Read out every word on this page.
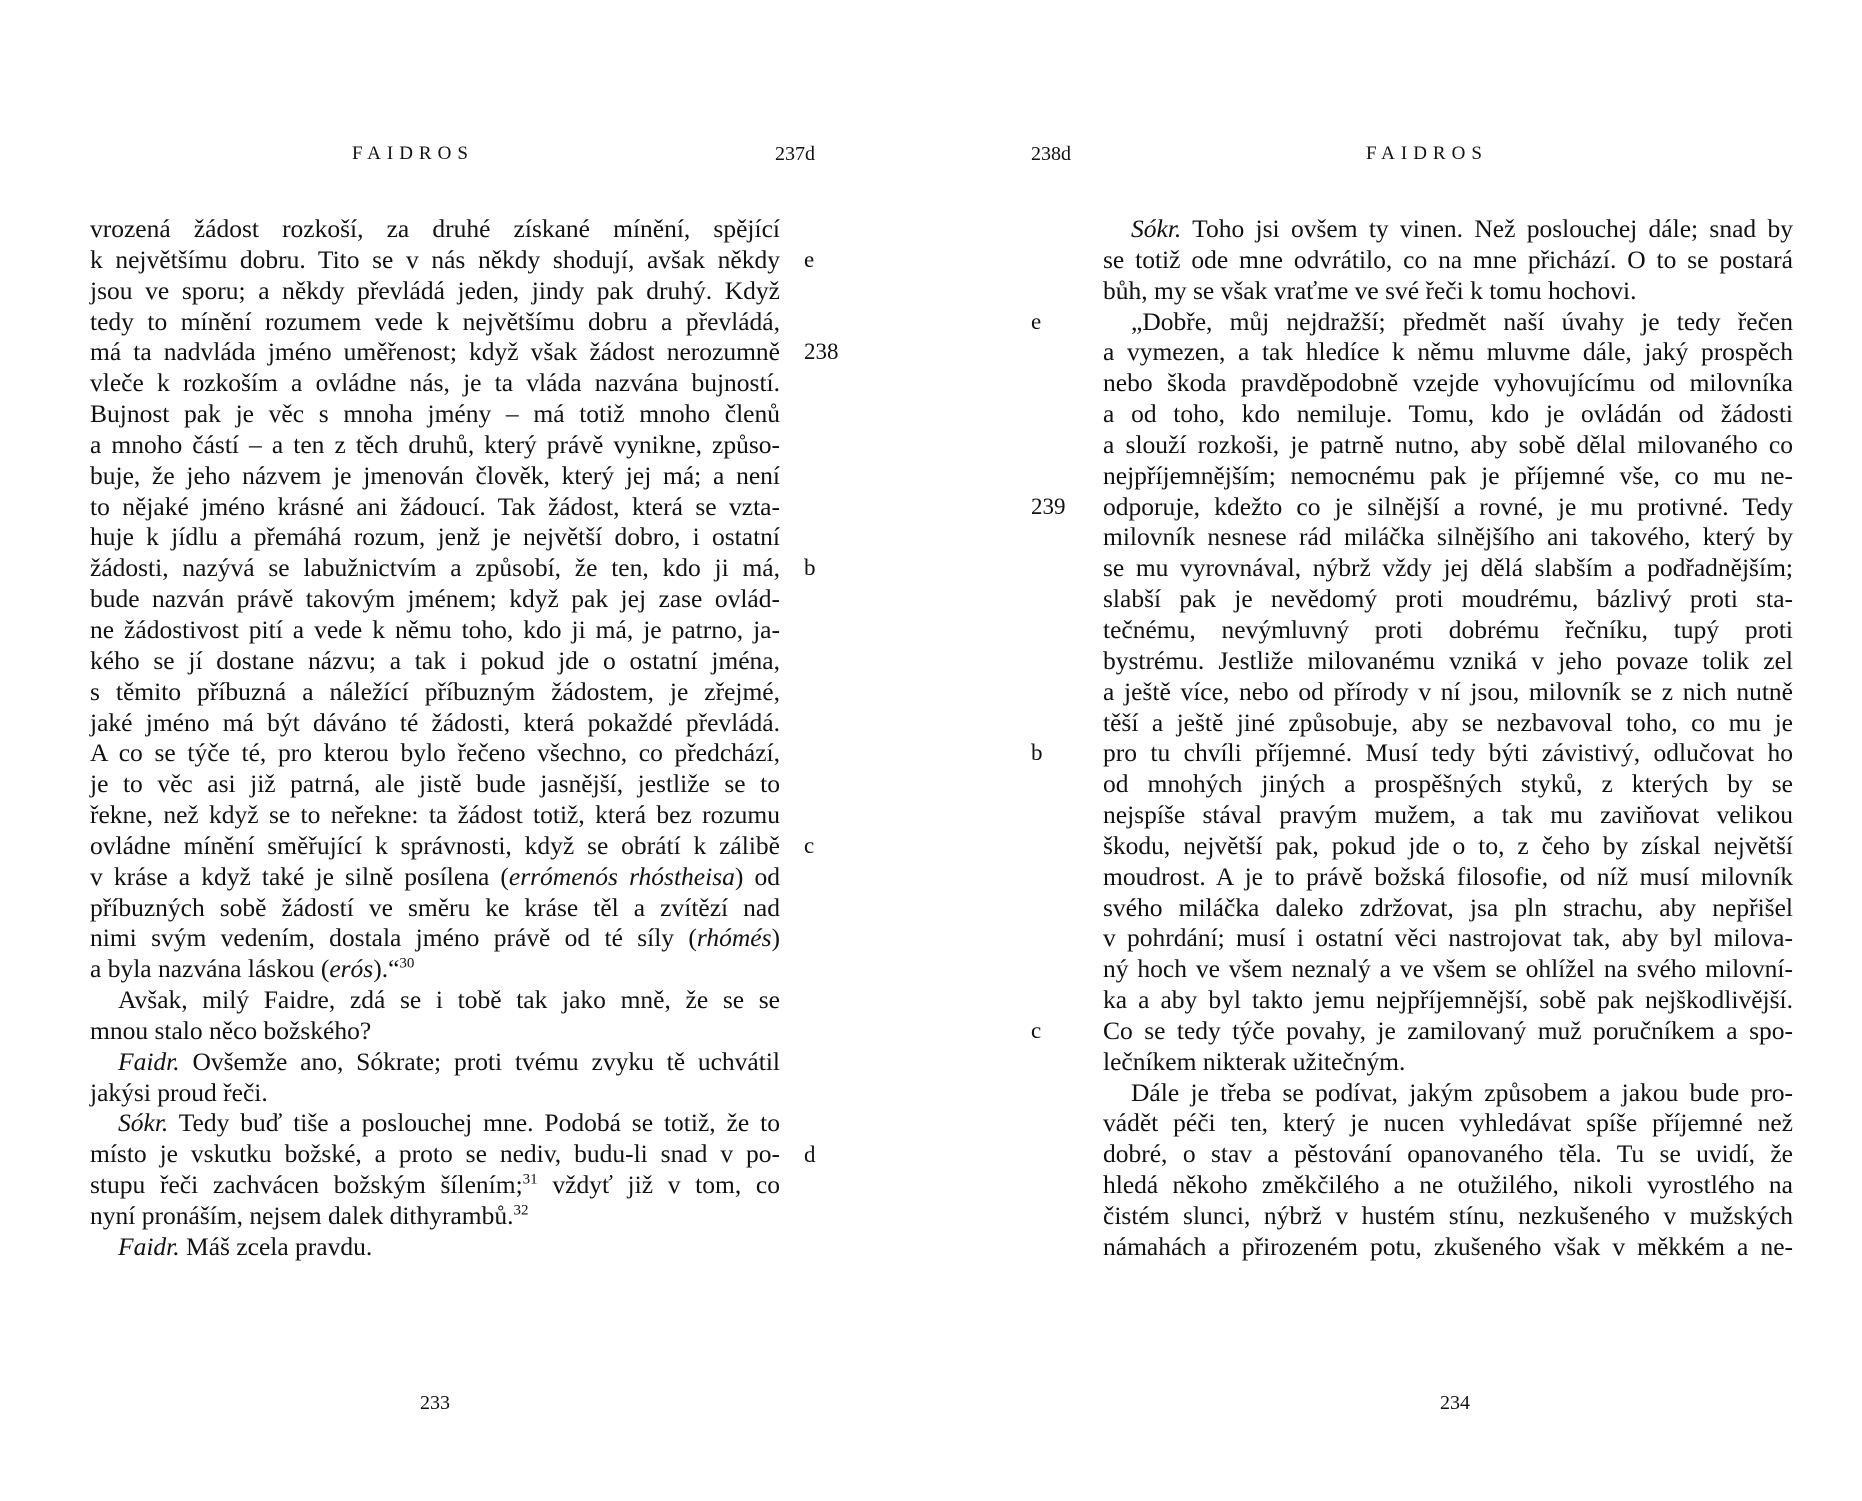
FAIDROS	237d
vrozená žádost rozkoší, za druhé získané mínění, spějící
k největšímu dobru. Tito se v nás někdy shodují, avšak někdy
jsou ve sporu; a někdy převládá jeden, jindy pak druhý. Když
tedy to mínění rozumem vede k největšímu dobru a převládá,
má ta nadvláda jméno uměřenost; když však žádost nerozumně
vleče k rozkoším a ovládne nás, je ta vláda nazvána bujností.
Bujnost pak je věc s mnoha jmény – má totiž mnoho členů
a mnoho částí – a ten z těch druhů, který právě vynikne, způso-
buje, že jeho názvem je jmenován člověk, který jej má; a není
to nějaké jméno krásné ani žádoucí. Tak žádost, která se vzta-
huje k jídlu a přemáhá rozum, jenž je největší dobro, i ostatní
žádosti, nazývá se labužnictvím a způsobí, že ten, kdo ji má,
bude nazván právě takovým jménem; když pak jej zase ovlád-
ne žádostivost pití a vede k němu toho, kdo ji má, je patrno, ja-
kého se jí dostane názvu; a tak i pokud jde o ostatní jména,
s těmito příbuzná a náležící příbuzným žádostem, je zřejmé,
jaké jméno má být dáváno té žádosti, která pokaždé převládá.
A co se týče té, pro kterou bylo řečeno všechno, co předchází,
je to věc asi již patrná, ale jistě bude jasnější, jestliže se to
řekne, než když se to neřekne: ta žádost totiž, která bez rozumu
ovládne mínění směřující k správnosti, když se obrátí k zálibě
v kráse a když také je silně posílena (errómenós rhóstheisa) od
příbuzných sobě žádostí ve směru ke kráse těl a zvítězí nad
nimi svým vedením, dostala jméno právě od té síly (rhómés)
a byla nazvána láskou (erós).“$^{30}$
Avšak, milý Faidre, zdá se i tobě tak jako mně, že se se
mnou stalo něco božského?
Faidr. Ovšemže ano, Sókrate; proti tvému zvyku tě uchvátil
jakýsi proud řeči.
Sókr. Tedy buď tiše a poslouchej mne. Podobá se totiž, že to
místo je vskutku božské, a proto se nediv, budu-li snad v po-
stupu řeči zachvácen božským šílením;$^{31}$ vždyť již v tom, co
nyní pronáším, nejsem dalek dithyrambů.$^{32}$
Faidr. Máš zcela pravdu.
e
238
b
c
d
233
238d	FAIDROS
Sókr. Toho jsi ovšem ty vinen. Než poslouchej dále; snad by
se totiž ode mne odvrátilo, co na mne přichází. O to se postará
bůh, my se však vraťme ve své řeči k tomu hochovi.
„Dobře, můj nejdražší; předmět naší úvahy je tedy řečen
a vymezen, a tak hledíce k němu mluvme dále, jaký prospěch
nebo škoda pravděpodobně vzejde vyhovujícímu od milovníka
a od toho, kdo nemiluje. Tomu, kdo je ovládán od žádosti
a slouží rozkoši, je patrně nutno, aby sobě dělal milovaného co
nejpříjemnějším; nemocnému pak je příjemné vše, co mu ne-
odporuje, kdežto co je silnější a rovné, je mu protivné. Tedy
milovník nesnese rád miláčka silnějšího ani takového, který by
se mu vyrovnával, nýbrž vždy jej dělá slabším a podřadnějším;
slabší pak je nevědomý proti moudrému, bázlivý proti sta-
tečnému, nevýmluvný proti dobrému řečníku, tupý proti
bystrému. Jestliže milovanému vzniká v jeho povaze tolik zel
a ještě více, nebo od přírody v ní jsou, milovník se z nich nutně
těší a ještě jiné způsobuje, aby se nezbavoval toho, co mu je
pro tu chvíli příjemné. Musí tedy býti závistivý, odlučovat ho
od mnohých jiných a prospěšných styků, z kterých by se
nejspíše stával pravým mužem, a tak mu zaviňovat velikou
škodu, největší pak, pokud jde o to, z čeho by získal největší
moudrost. A je to právě božská filosofie, od níž musí milovník
svého miláčka daleko zdržovat, jsa pln strachu, aby nepřišel
v pohrdání; musí i ostatní věci nastrojovat tak, aby byl milova-
ný hoch ve všem neznalý a ve všem se ohlížel na svého milovní-
ka a aby byl takto jemu nejpříjemnější, sobě pak nejškodlivější.
Co se tedy týče povahy, je zamilovaný muž poručníkem a spo-
lečníkem nikterak užitečným.
Dále je třeba se podívat, jakým způsobem a jakou bude pro-
vádět péči ten, který je nucen vyhledávat spíše příjemné než
dobré, o stav a pěstování opanovaného těla. Tu se uvidí, že
hledá někoho změkčilého a ne otužilého, nikoli vyrostlého na
čistém slunci, nýbrž v hustém stínu, nezkušeného v mužských
námahách a přirozeném potu, zkušeného však v měkkém a ne-
e
239
b
c
234
